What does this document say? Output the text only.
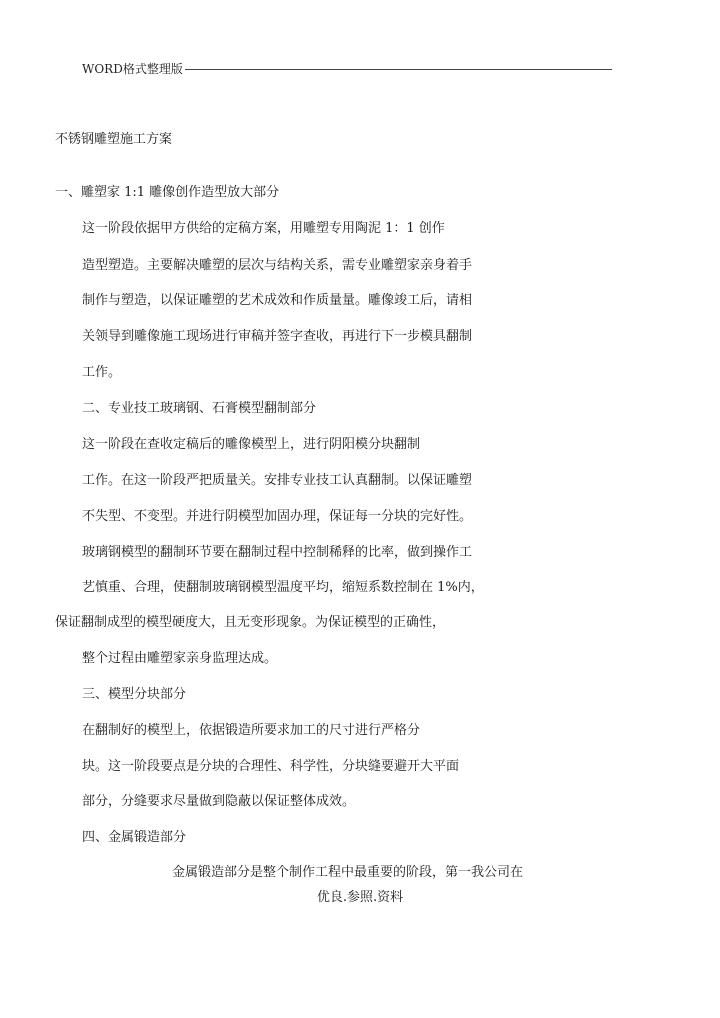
WORD格式整理版
不锈钢雕塑施工方案
一、雕塑家 1:1 雕像创作造型放大部分
这一阶段依据甲方供给的定稿方案，用雕塑专用陶泥 1：1 创作
造型塑造。主要解决雕塑的层次与结构关系，需专业雕塑家亲身着手
制作与塑造，以保证雕塑的艺术成效和作质量量。雕像竣工后，请相
关领导到雕像施工现场进行审稿并签字查收，再进行下一步模具翻制
工作。
二、专业技工玻璃钢、石膏模型翻制部分
这一阶段在查收定稿后的雕像模型上，进行阴阳模分块翻制
工作。在这一阶段严把质量关。安排专业技工认真翻制。以保证雕塑
不失型、不变型。并进行阴模型加固办理，保证每一分块的完好性。
玻璃钢模型的翻制环节要在翻制过程中控制稀释的比率，做到操作工
艺慎重、合理，使翻制玻璃钢模型温度平均，缩短系数控制在 1%内，
保证翻制成型的模型硬度大，且无变形现象。为保证模型的正确性，
整个过程由雕塑家亲身监理达成。
三、模型分块部分
在翻制好的模型上，依据锻造所要求加工的尺寸进行严格分
块。这一阶段要点是分块的合理性、科学性，分块缝要避开大平面
部分，分缝要求尽量做到隐蔽以保证整体成效。
四、金属锻造部分
金属锻造部分是整个制作工程中最重要的阶段，第一我公司在
优良.参照.资料
